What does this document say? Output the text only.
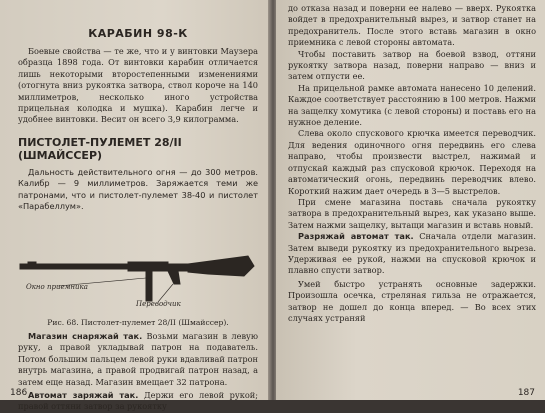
КАРАБИН 98-К

Боевые свойства — те же, что и у винтовки Маузера образца 1898 года. От винтовки карабин отличается лишь некоторыми второстепенными изменениями (отогнута вниз рукоятка затвора, ствол короче на 140 миллиметров, несколько иного устройства прицельная колодка и мушка). Карабин легче и удобнее винтовки. Весит он всего 3,9 килограмма.

ПИСТОЛЕТ-ПУЛЕМЕТ 28/II (ШМАЙССЕР)

Дальность действительного огня — до 300 метров. Калибр — 9 миллиметров. Заряжается теми же патронами, что и пистолет-пулемет 38-40 и пистолет «Парабеллум».

Окно приемника
Переводчик

Рис. 68. Пистолет-пулемет 28/II (Шмайссер).

Магазин снаряжай так. Возьми магазин в левую руку, а правой укладывай патрон на подаватель. Потом большим пальцем левой руки вдавливай патрон внутрь магазина, а правой продвигай патрон назад, а затем еще назад. Магазин вмещает 32 патрона.

Автомат заряжай так. Держи его левой рукой; правой оттяни затвор за рукоятку

186

до отказа назад и поверни ее налево — вверх. Рукоятка войдет в предохранительный вырез, и затвор станет на предохранитель. После этого вставь магазин в окно приемника с левой стороны автомата.

Чтобы поставить затвор на боевой взвод, оттяни рукоятку затвора назад, поверни направо — вниз и затем отпусти ее.

На прицельной рамке автомата нанесено 10 делений. Каждое соответствует расстоянию в 100 метров. Нажми на защелку хомутика (с левой стороны) и поставь его на нужное деление.

Слева около спускового крючка имеется переводчик. Для ведения одиночного огня передвинь его слева направо, чтобы произвести выстрел, нажимай и отпускай каждый раз спусковой крючок. Переходя на автоматический огонь, передвинь переводчик влево. Короткий нажим дает очередь в 3—5 выстрелов.

При смене магазина поставь сначала рукоятку затвора в предохранительный вырез, как указано выше. Затем нажми защелку, вытащи магазин и вставь новый.

Разряжай автомат так. Сначала отдели магазин. Затем выведи рукоятку из предохранительного выреза. Удерживая ее рукой, нажми на спусковой крючок и плавно спусти затвор.

Умей быстро устранять основные задержки. Произошла осечка, стреляная гильза не отражается, затвор не дошел до конца вперед. — Во всех этих случаях устраняй

187
